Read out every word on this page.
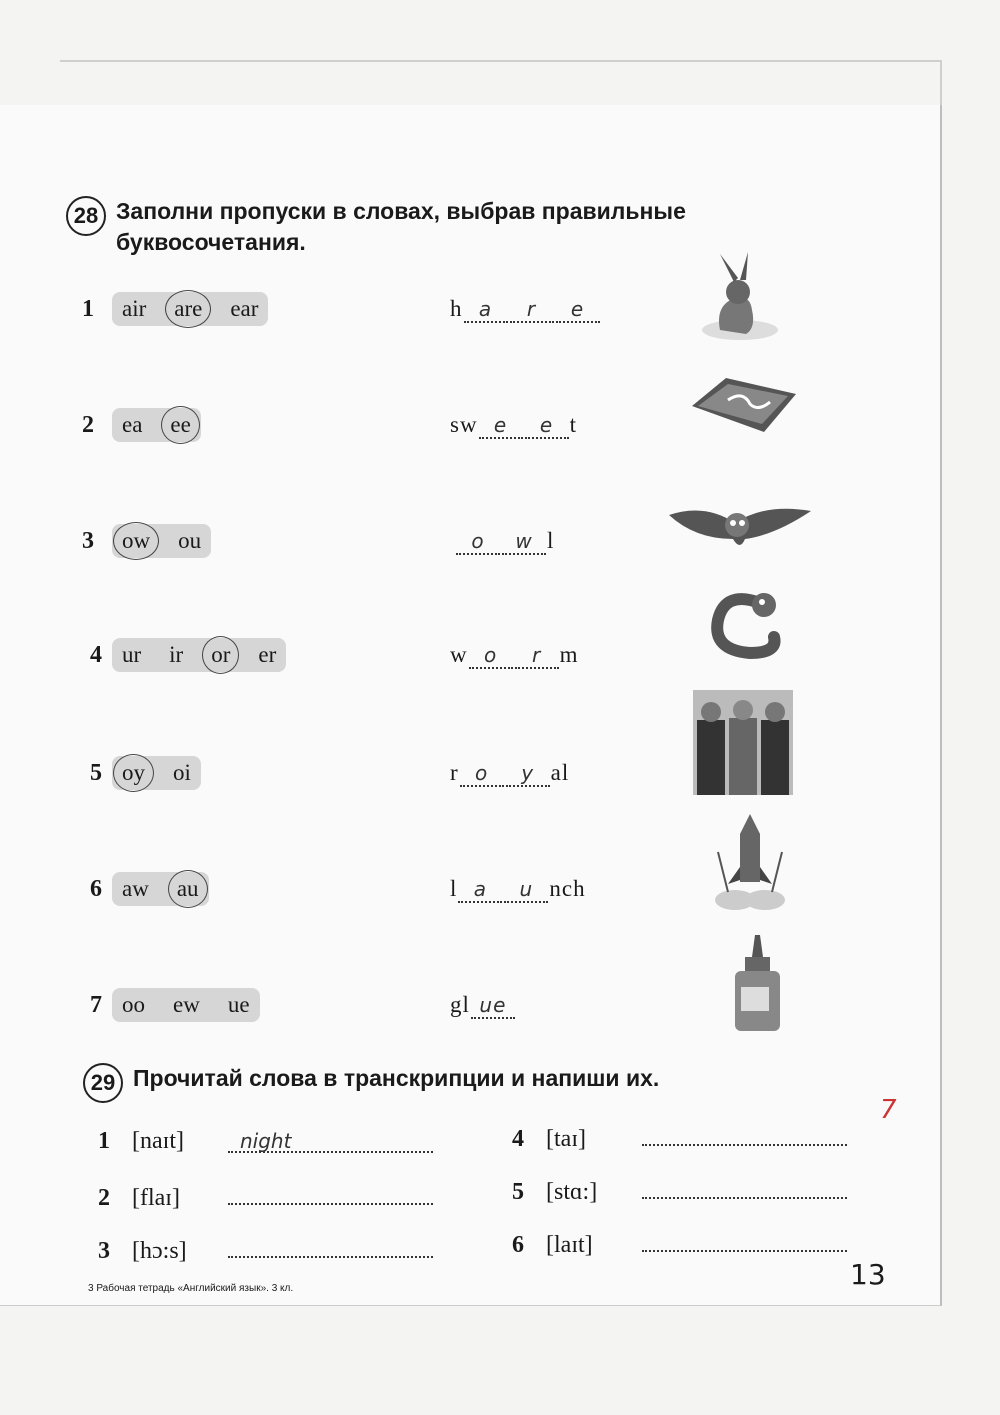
28 Заполни пропуски в словах, выбрав правильные буквосочетания.
1 air are ear	h a r e
2 ea ee	sw e e t
3 ow ou	o w l
4 ur ir or er	w o r m
5 oy oi	r o y al
6 aw au	l a u nch
7 oo ew ue	gl ue
29 Прочитай слова в транскрипции и напиши их.
1 [naɪt]	night
2 [flaɪ]
3 [hɔ:s]
4 [taɪ]
5 [stɑ:]
6 [laɪt]
7
3 Рабочая тетрадь «Английский язык». 3 кл.	13
